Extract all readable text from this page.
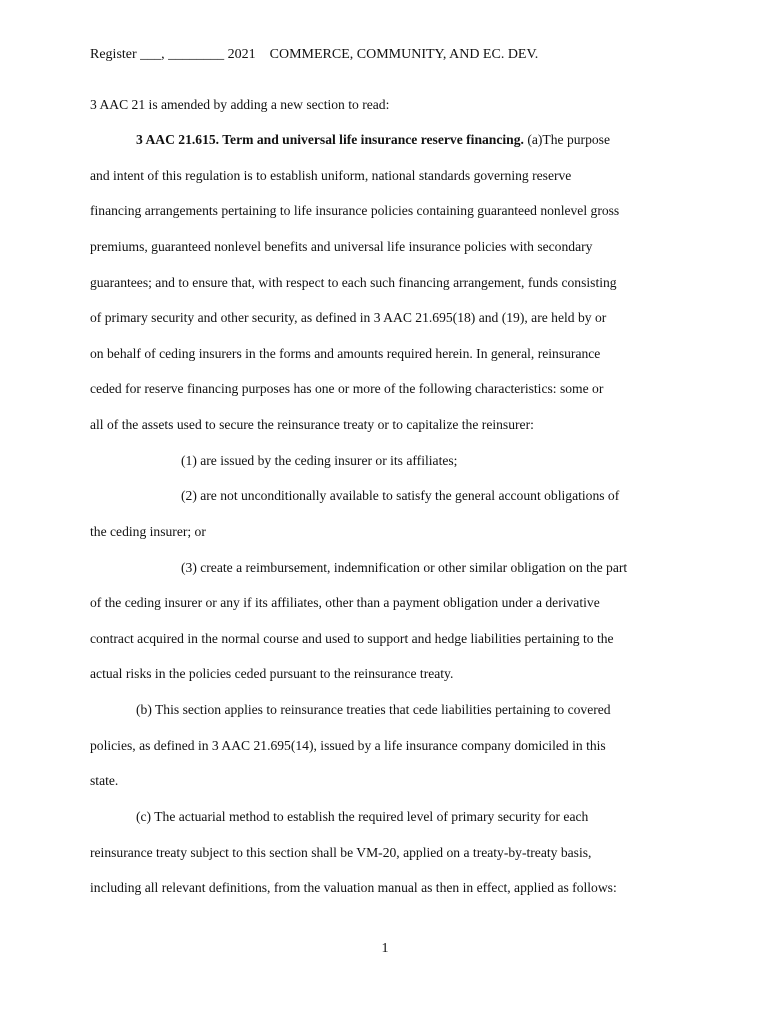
Register ___, ________ 2021 COMMERCE, COMMUNITY, AND EC. DEV.
3 AAC 21 is amended by adding a new section to read:
3 AAC 21.615. Term and universal life insurance reserve financing. (a)The purpose
and intent of this regulation is to establish uniform, national standards governing reserve
financing arrangements pertaining to life insurance policies containing guaranteed nonlevel gross
premiums, guaranteed nonlevel benefits and universal life insurance policies with secondary
guarantees; and to ensure that, with respect to each such financing arrangement, funds consisting
of primary security and other security, as defined in 3 AAC 21.695(18) and (19), are held by or
on behalf of ceding insurers in the forms and amounts required herein. In general, reinsurance
ceded for reserve financing purposes has one or more of the following characteristics: some or
all of the assets used to secure the reinsurance treaty or to capitalize the reinsurer:
(1) are issued by the ceding insurer or its affiliates;
(2) are not unconditionally available to satisfy the general account obligations of
the ceding insurer; or
(3) create a reimbursement, indemnification or other similar obligation on the part
of the ceding insurer or any if its affiliates, other than a payment obligation under a derivative
contract acquired in the normal course and used to support and hedge liabilities pertaining to the
actual risks in the policies ceded pursuant to the reinsurance treaty.
(b) This section applies to reinsurance treaties that cede liabilities pertaining to covered
policies, as defined in 3 AAC 21.695(14), issued by a life insurance company domiciled in this
state.
(c) The actuarial method to establish the required level of primary security for each
reinsurance treaty subject to this section shall be VM-20, applied on a treaty-by-treaty basis,
including all relevant definitions, from the valuation manual as then in effect, applied as follows:
1
